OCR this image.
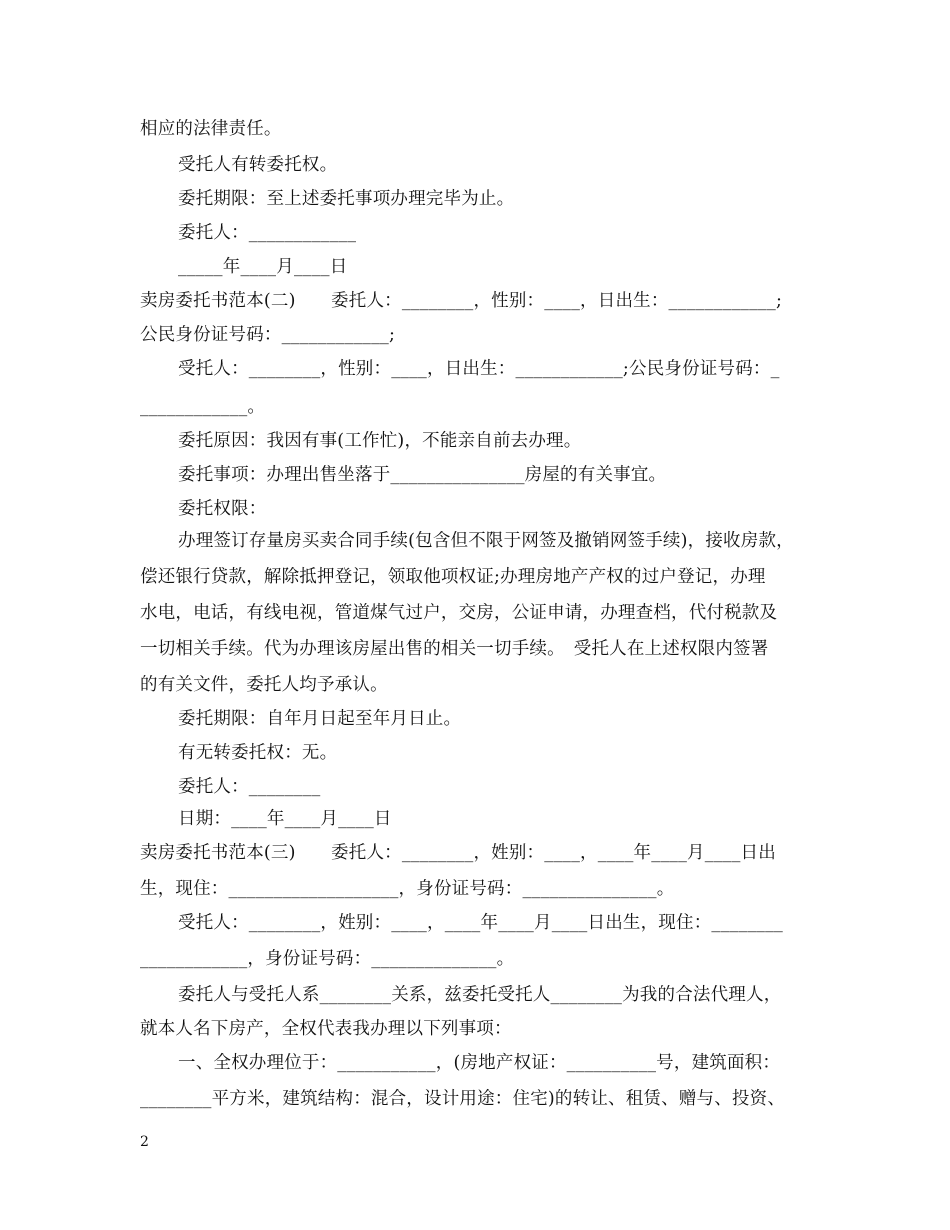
相应的法律责任。
受托人有转委托权。
委托期限：至上述委托事项办理完毕为止。
委托人：____________
_____年____月____日
卖房委托书范本(二)　　委托人：________，性别：____，日出生：____________;
公民身份证号码：____________;
受托人：________，性别：____，日出生：____________;公民身份证号码：_
____________。
委托原因：我因有事(工作忙)，不能亲自前去办理。
委托事项：办理出售坐落于_______________房屋的有关事宜。
委托权限：
办理签订存量房买卖合同手续(包含但不限于网签及撤销网签手续)，接收房款，
偿还银行贷款，解除抵押登记，领取他项权证;办理房地产产权的过户登记，办理
水电，电话，有线电视，管道煤气过户，交房，公证申请，办理查档，代付税款及
一切相关手续。代为办理该房屋出售的相关一切手续。　受托人在上述权限内签署
的有关文件，委托人均予承认。
委托期限：自年月日起至年月日止。
有无转委托权：无。
委托人：________
日期：____年____月____日
卖房委托书范本(三)　　委托人：________，姓别：____，____年____月____日出
生，现住：___________________，身份证号码：_______________。
受托人：________，姓别：____，____年____月____日出生，现住：________
____________，身份证号码：______________。
委托人与受托人系________关系，兹委托受托人________为我的合法代理人，
就本人名下房产，全权代表我办理以下列事项：
一、全权办理位于：___________，(房地产权证：__________号，建筑面积：
________平方米，建筑结构：混合，设计用途：住宅)的转让、租赁、赠与、投资、
2
